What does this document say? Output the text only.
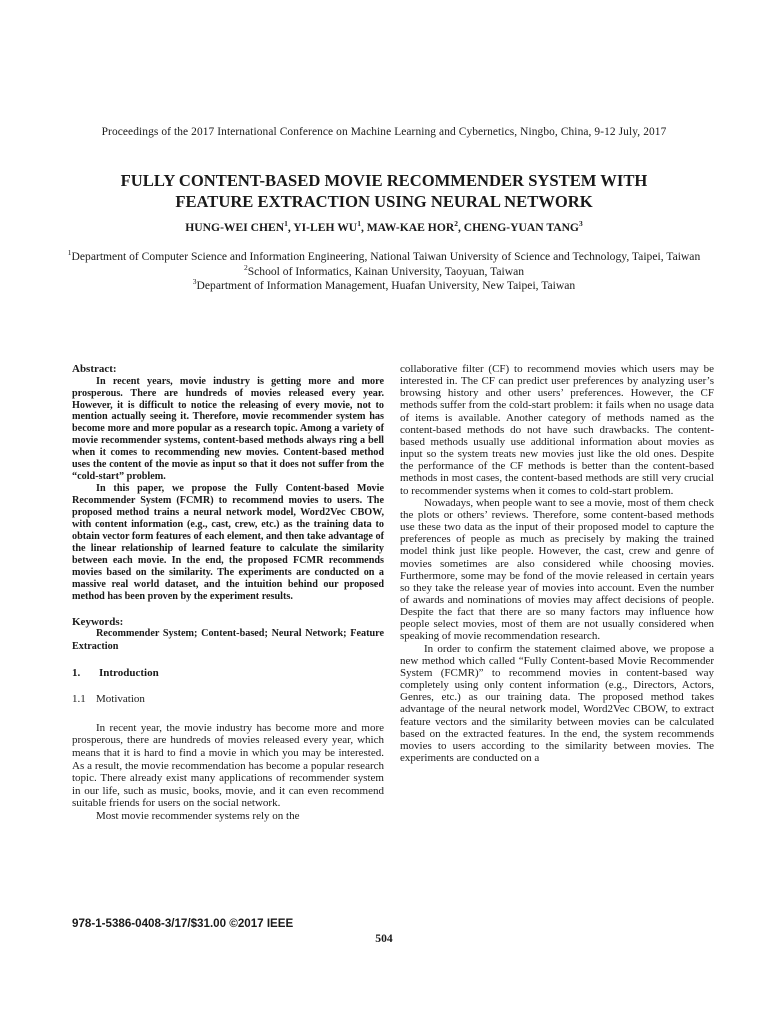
Proceedings of the 2017 International Conference on Machine Learning and Cybernetics, Ningbo, China, 9-12 July, 2017
FULLY CONTENT-BASED MOVIE RECOMMENDER SYSTEM WITH
FEATURE EXTRACTION USING NEURAL NETWORK
HUNG-WEI CHEN$^1$, YI-LEH $WU^1$, MAW-KAE HOR$^2$, CHENG-YUAN TANG$^3$
$^1$Department of Computer Science and Information Engineering, National Taiwan University of Science and Technology, Taipei, Taiwan
$^2$School of Informatics, Kainan University, Taoyuan, Taiwan
$^3$Department of Information Management, Huafan University, New Taipei, Taiwan

Abstract:

In recent years, movie industry is getting more and more prosperous. There are hundreds of movies released every year. However, it is difficult to notice the releasing of every movie, not to mention actually seeing it. Therefore, movie recommender system has become more and more popular as a research topic. Among a variety of movie recommender systems, content-based methods always ring a bell when it comes to recommending new movies. Content-based method uses the content of the movie as input so that it does not suffer from the “cold-start” problem.

In this paper, we propose the Fully Content-based Movie Recommender System (FCMR) to recommend movies to users. The proposed method trains a neural network model, Word2Vec CBOW, with content information (e.g., cast, crew, etc.) as the training data to obtain vector form features of each element, and then take advantage of the linear relationship of learned feature to calculate the similarity between each movie. In the end, the proposed FCMR recommends movies based on the similarity. The experiments are conducted on a massive real world dataset, and the intuition behind our proposed method has been proven by the experiment results.

Keywords:

Recommender System; Content-based; Neural Network; Feature Extraction

1. Introduction

1.1 Motivation

In recent year, the movie industry has become more and more prosperous, there are hundreds of movies released every year, which means that it is hard to find a movie in which you may be interested. As a result, the movie recommendation has become a popular research topic. There already exist many applications of recommender system in our life, such as music, books, movie, and it can even recommend suitable friends for users on the social network.

Most movie recommender systems rely on the

collaborative filter (CF) to recommend movies which users may be interested in. The CF can predict user preferences by analyzing user’s browsing history and other users’ preferences. However, the CF methods suffer from the cold-start problem: it fails when no usage data of items is available. Another category of methods named as the content-based methods do not have such drawbacks. The content-based methods usually use additional information about movies as input so the system treats new movies just like the old ones. Despite the performance of the CF methods is better than the content-based methods in most cases, the content-based methods are still very crucial to recommender systems when it comes to cold-start problem.

Nowadays, when people want to see a movie, most of them check the plots or others’ reviews. Therefore, some content-based methods use these two data as the input of their proposed model to capture the preferences of people as much as precisely by making the trained model think just like people. However, the cast, crew and genre of movies sometimes are also considered while choosing movies. Furthermore, some may be fond of the movie released in certain years so they take the release year of movies into account. Even the number of awards and nominations of movies may affect decisions of people. Despite the fact that there are so many factors may influence how people select movies, most of them are not usually considered when speaking of movie recommendation research.

In order to confirm the statement claimed above, we propose a new method which called “Fully Content-based Movie Recommender System (FCMR)” to recommend movies in content-based way completely using only content information (e.g., Directors, Actors, Genres, etc.) as our training data. The proposed method takes advantage of the neural network model, Word2Vec CBOW, to extract feature vectors and the similarity between movies can be calculated based on the extracted features. In the end, the system recommends movies to users according to the similarity between movies. The experiments are conducted on a

978-1-5386-0408-3/17/$31.00 ©2017 IEEE
504
